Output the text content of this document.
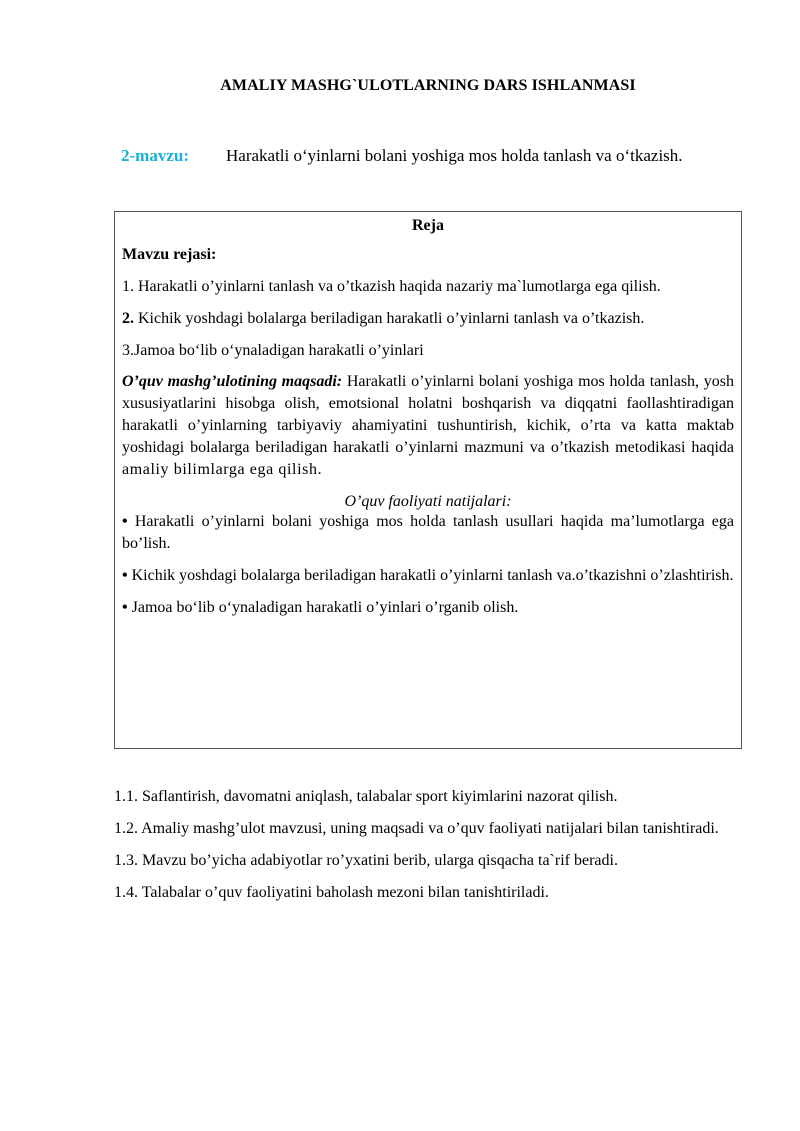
AMALIY MASHG`ULOTLARNING DARS ISHLANMASI
2-mavzu: Harakatli o‘yinlarni bolani yoshiga mos holda tanlash va o‘tkazish.
Reja
Mavzu rejasi:
1. Harakatli o’yinlarni tanlash va o’tkazish haqida nazariy ma`lumotlarga ega qilish.
2. Kichik yoshdagi bolalarga beriladigan harakatli o’yinlarni tanlash va o’tkazish.
3.Jamoa bo‘lib o‘ynaladigan harakatli o’yinlari
O’quv mashg’ulotining maqsadi: Harakatli o’yinlarni bolani yoshiga mos holda tanlash, yosh xususiyatlarini hisobga olish, emotsional holatni boshqarish va diqqatni faollashtiradigan harakatli o’yinlarning tarbiyaviy ahamiyatini tushuntirish, kichik, o’rta va katta maktab yoshidagi bolalarga beriladigan harakatli o’yinlarni mazmuni va o’tkazish metodikasi haqida amaliy bilimlarga ega qilish.
O’quv faoliyati natijalari:
• Harakatli o’yinlarni bolani yoshiga mos holda tanlash usullari haqida ma’lumotlarga ega bo’lish.
• Kichik yoshdagi bolalarga beriladigan harakatli o’yinlarni tanlash va.o’tkazishni o’zlashtirish.
• Jamoa bo‘lib o‘ynaladigan harakatli o’yinlari o’rganib olish.
1.1. Saflantirish, davomatni aniqlash, talabalar sport kiyimlarini nazorat qilish.
1.2. Amaliy mashg’ulot mavzusi, uning maqsadi va o’quv faoliyati natijalari bilan tanishtiradi.
1.3. Mavzu bo’yicha adabiyotlar ro’yxatini berib, ularga qisqacha ta`rif beradi.
1.4. Talabalar o’quv faoliyatini baholash mezoni bilan tanishtiriladi.
